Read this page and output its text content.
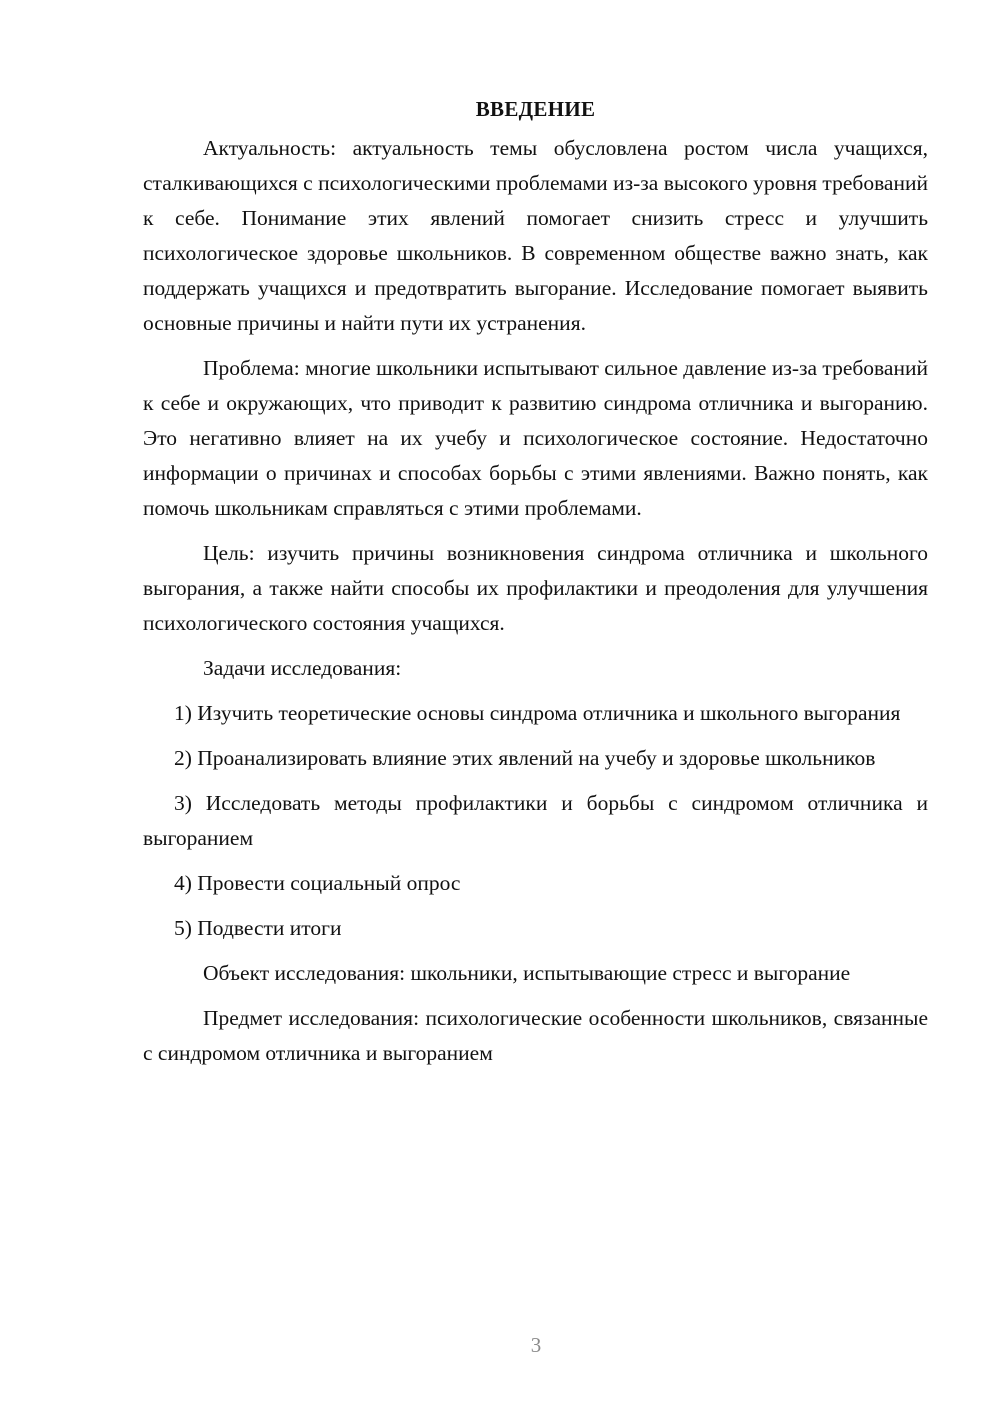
ВВЕДЕНИЕ

Актуальность: актуальность темы обусловлена ростом числа учащихся, сталкивающихся с психологическими проблемами из-за высокого уровня требований к себе. Понимание этих явлений помогает снизить стресс и улучшить психологическое здоровье школьников. В современном обществе важно знать, как поддержать учащихся и предотвратить выгорание. Исследование помогает выявить основные причины и найти пути их устранения.

Проблема: многие школьники испытывают сильное давление из-за требований к себе и окружающих, что приводит к развитию синдрома отличника и выгоранию. Это негативно влияет на их учебу и психологическое состояние. Недостаточно информации о причинах и способах борьбы с этими явлениями. Важно понять, как помочь школьникам справляться с этими проблемами.

Цель: изучить причины возникновения синдрома отличника и школьного выгорания, а также найти способы их профилактики и преодоления для улучшения психологического состояния учащихся.

Задачи исследования:

1) Изучить теоретические основы синдрома отличника и школьного выгорания

2) Проанализировать влияние этих явлений на учебу и здоровье школьников

3) Исследовать методы профилактики и борьбы с синдромом отличника и выгоранием

4) Провести социальный опрос

5) Подвести итоги

Объект исследования: школьники, испытывающие стресс и выгорание

Предмет исследования: психологические особенности школьников, связанные с синдромом отличника и выгоранием

3
